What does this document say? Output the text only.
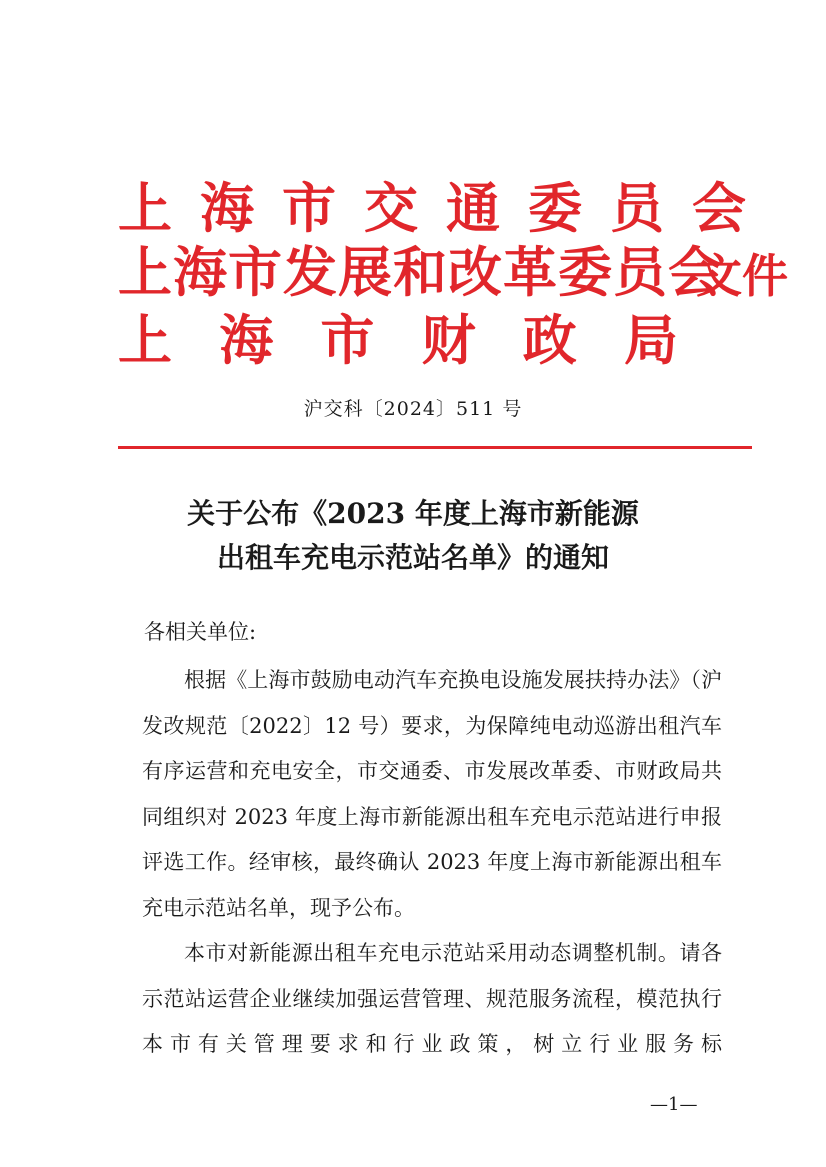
上海市交通委员会
上海市发展和改革委员会
上 海 市 财 政 局
文件
沪交科〔2024〕511 号
关于公布《2023 年度上海市新能源
出租车充电示范站名单》的通知
各相关单位:

根据《上海市鼓励电动汽车充换电设施发展扶持办法》（沪发改规范〔2022〕12 号）要求，为保障纯电动巡游出租汽车有序运营和充电安全，市交通委、市发展改革委、市财政局共同组织对 2023 年度上海市新能源出租车充电示范站进行申报评选工作。经审核，最终确认 2023 年度上海市新能源出租车充电示范站名单，现予公布。

本市对新能源出租车充电示范站采用动态调整机制。请各示范站运营企业继续加强运营管理、规范服务流程，模范执行本市有关管理要求和行业政策，树立行业服务标

—1—
